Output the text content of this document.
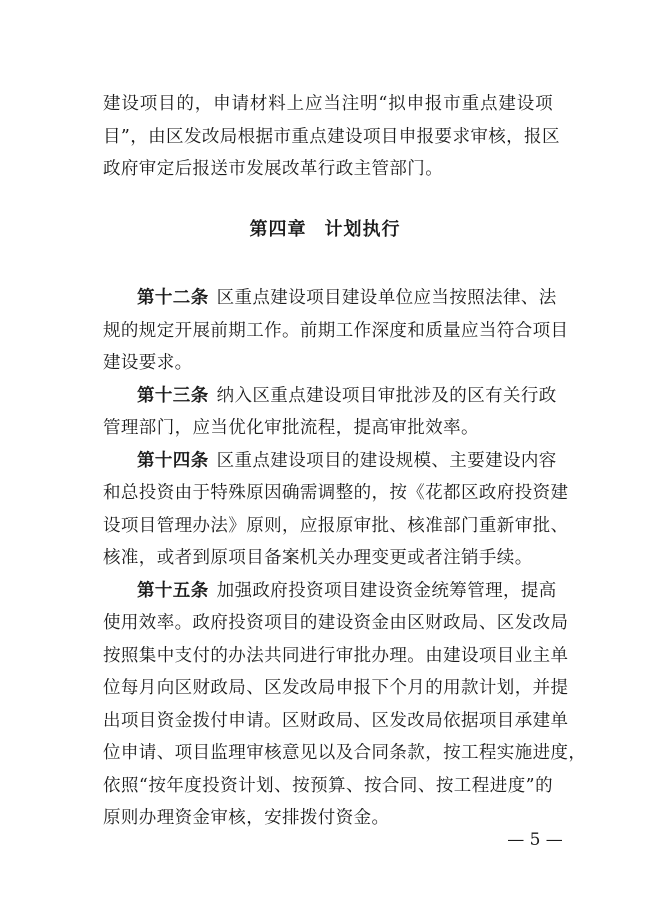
建设项目的，申请材料上应当注明“拟申报市重点建设项
目”，由区发改局根据市重点建设项目申报要求审核，报区
政府审定后报送市发展改革行政主管部门。
第四章 计划执行
第十二条 区重点建设项目建设单位应当按照法律、法
规的规定开展前期工作。前期工作深度和质量应当符合项目
建设要求。
第十三条 纳入区重点建设项目审批涉及的区有关行政
管理部门，应当优化审批流程，提高审批效率。
第十四条 区重点建设项目的建设规模、主要建设内容
和总投资由于特殊原因确需调整的，按《花都区政府投资建
设项目管理办法》原则，应报原审批、核准部门重新审批、
核准，或者到原项目备案机关办理变更或者注销手续。
第十五条 加强政府投资项目建设资金统筹管理，提高
使用效率。政府投资项目的建设资金由区财政局、区发改局
按照集中支付的办法共同进行审批办理。由建设项目业主单
位每月向区财政局、区发改局申报下个月的用款计划，并提
出项目资金拨付申请。区财政局、区发改局依据项目承建单
位申请、项目监理审核意见以及合同条款，按工程实施进度，
依照“按年度投资计划、按预算、按合同、按工程进度”的
原则办理资金审核，安排拨付资金。
— 5 —
